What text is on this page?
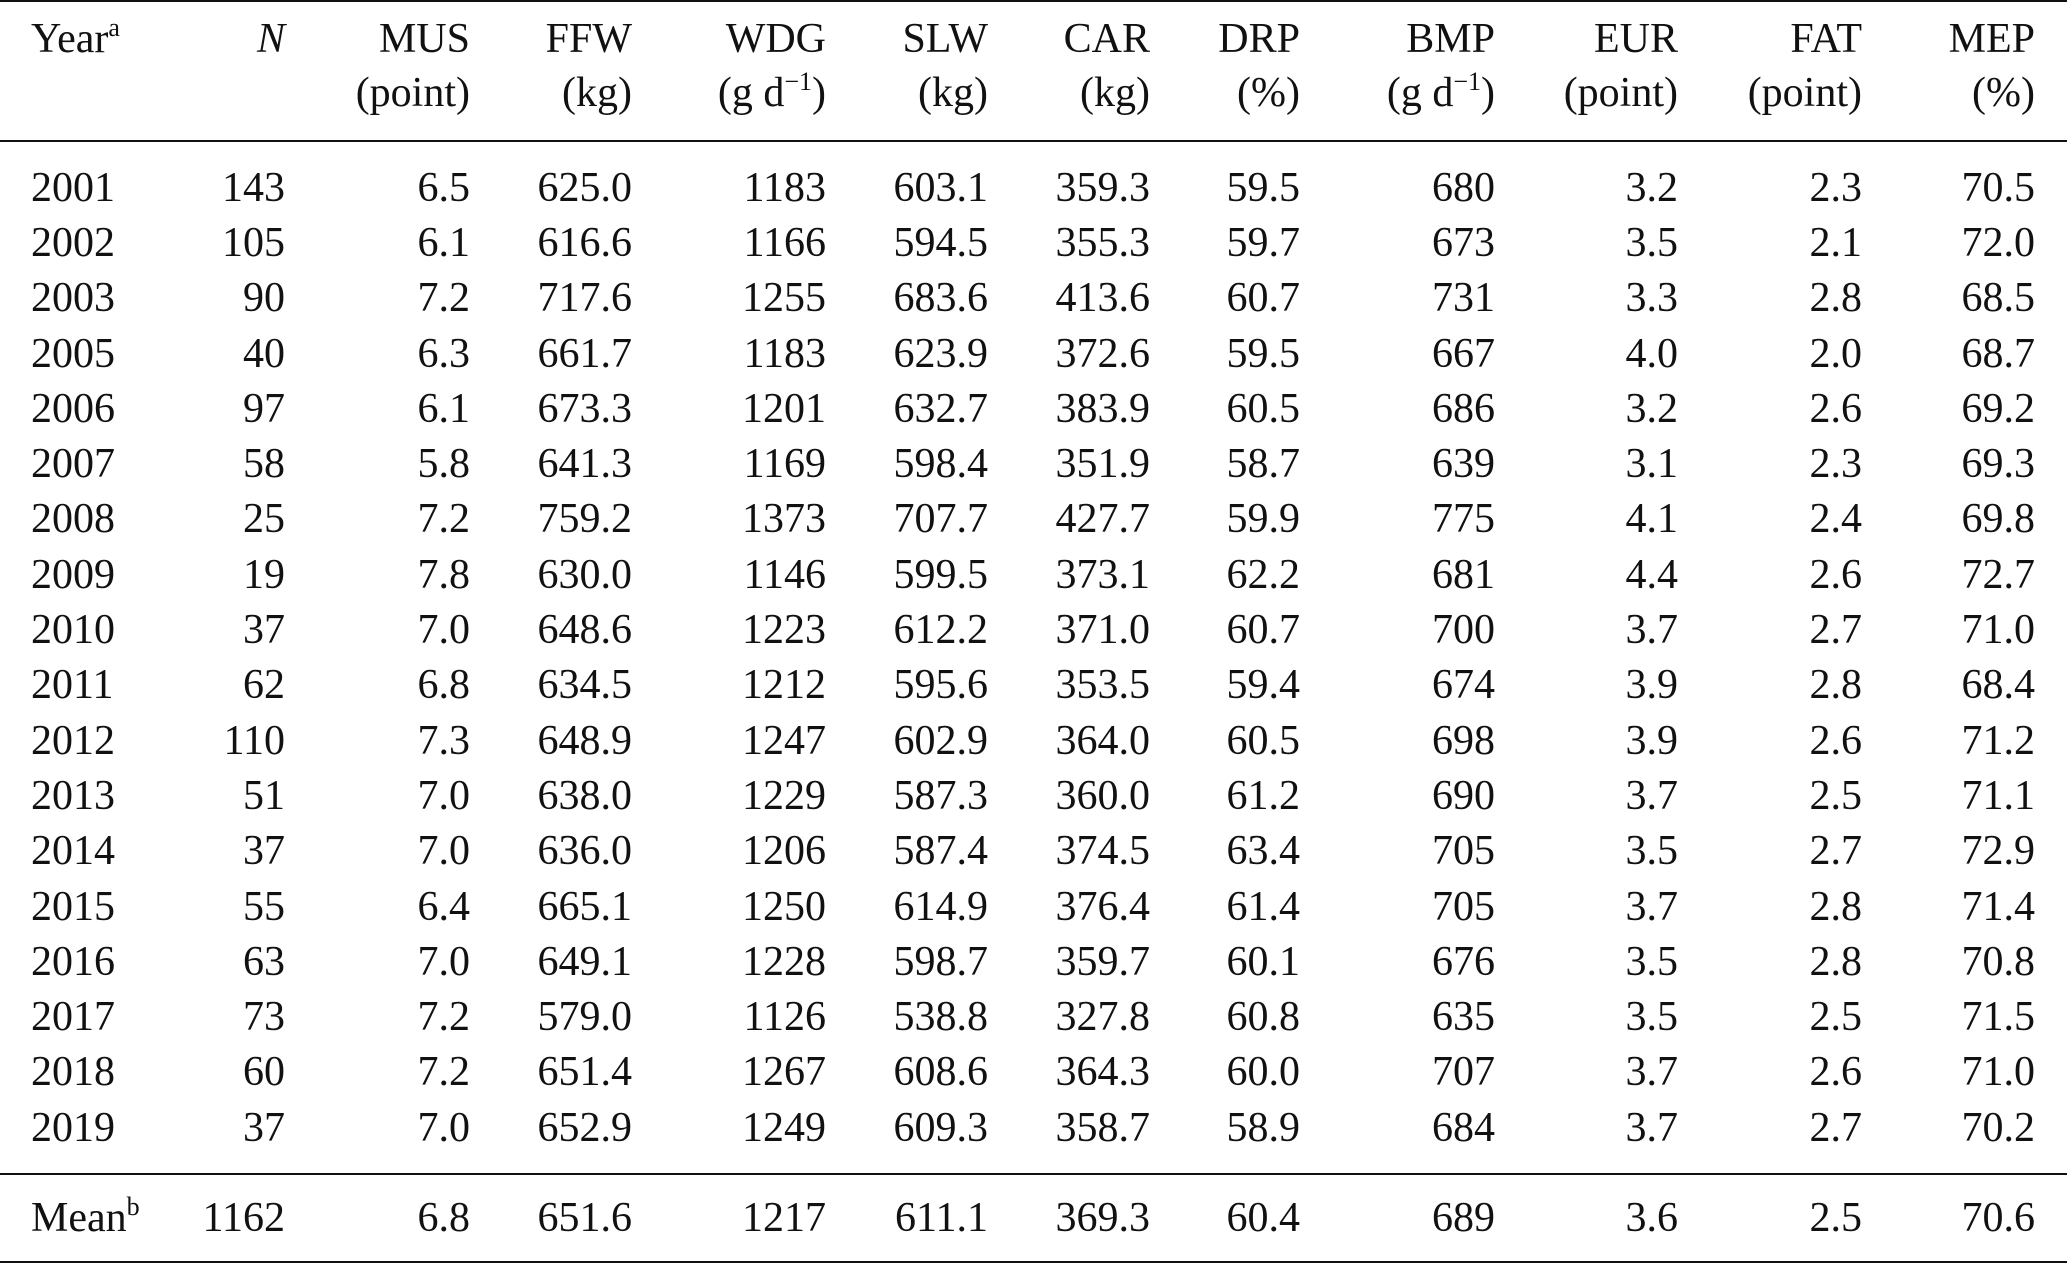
Year$^a$	N	MUS	FFW	WDG	SLW	CAR	DRP	BMP	EUR	FAT	MEP
		(point)	(kg)	(g $d^{-1}$)	(kg)	(kg)	(%)	(g $d^{-1}$)	(point)	(point)	(%)
2001	143	6.5	625.0	1183	603.1	359.3	59.5	680	3.2	2.3	70.5
2002	105	6.1	616.6	1166	594.5	355.3	59.7	673	3.5	2.1	72.0
2003	90	7.2	717.6	1255	683.6	413.6	60.7	731	3.3	2.8	68.5
2005	40	6.3	661.7	1183	623.9	372.6	59.5	667	4.0	2.0	68.7
2006	97	6.1	673.3	1201	632.7	383.9	60.5	686	3.2	2.6	69.2
2007	58	5.8	641.3	1169	598.4	351.9	58.7	639	3.1	2.3	69.3
2008	25	7.2	759.2	1373	707.7	427.7	59.9	775	4.1	2.4	69.8
2009	19	7.8	630.0	1146	599.5	373.1	62.2	681	4.4	2.6	72.7
2010	37	7.0	648.6	1223	612.2	371.0	60.7	700	3.7	2.7	71.0
2011	62	6.8	634.5	1212	595.6	353.5	59.4	674	3.9	2.8	68.4
2012	110	7.3	648.9	1247	602.9	364.0	60.5	698	3.9	2.6	71.2
2013	51	7.0	638.0	1229	587.3	360.0	61.2	690	3.7	2.5	71.1
2014	37	7.0	636.0	1206	587.4	374.5	63.4	705	3.5	2.7	72.9
2015	55	6.4	665.1	1250	614.9	376.4	61.4	705	3.7	2.8	71.4
2016	63	7.0	649.1	1228	598.7	359.7	60.1	676	3.5	2.8	70.8
2017	73	7.2	579.0	1126	538.8	327.8	60.8	635	3.5	2.5	71.5
2018	60	7.2	651.4	1267	608.6	364.3	60.0	707	3.7	2.6	71.0
2019	37	7.0	652.9	1249	609.3	358.7	58.9	684	3.7	2.7	70.2

Mean$^b$	1162	6.8	651.6	1217	611.1	369.3	60.4	689	3.6	2.5	70.6
